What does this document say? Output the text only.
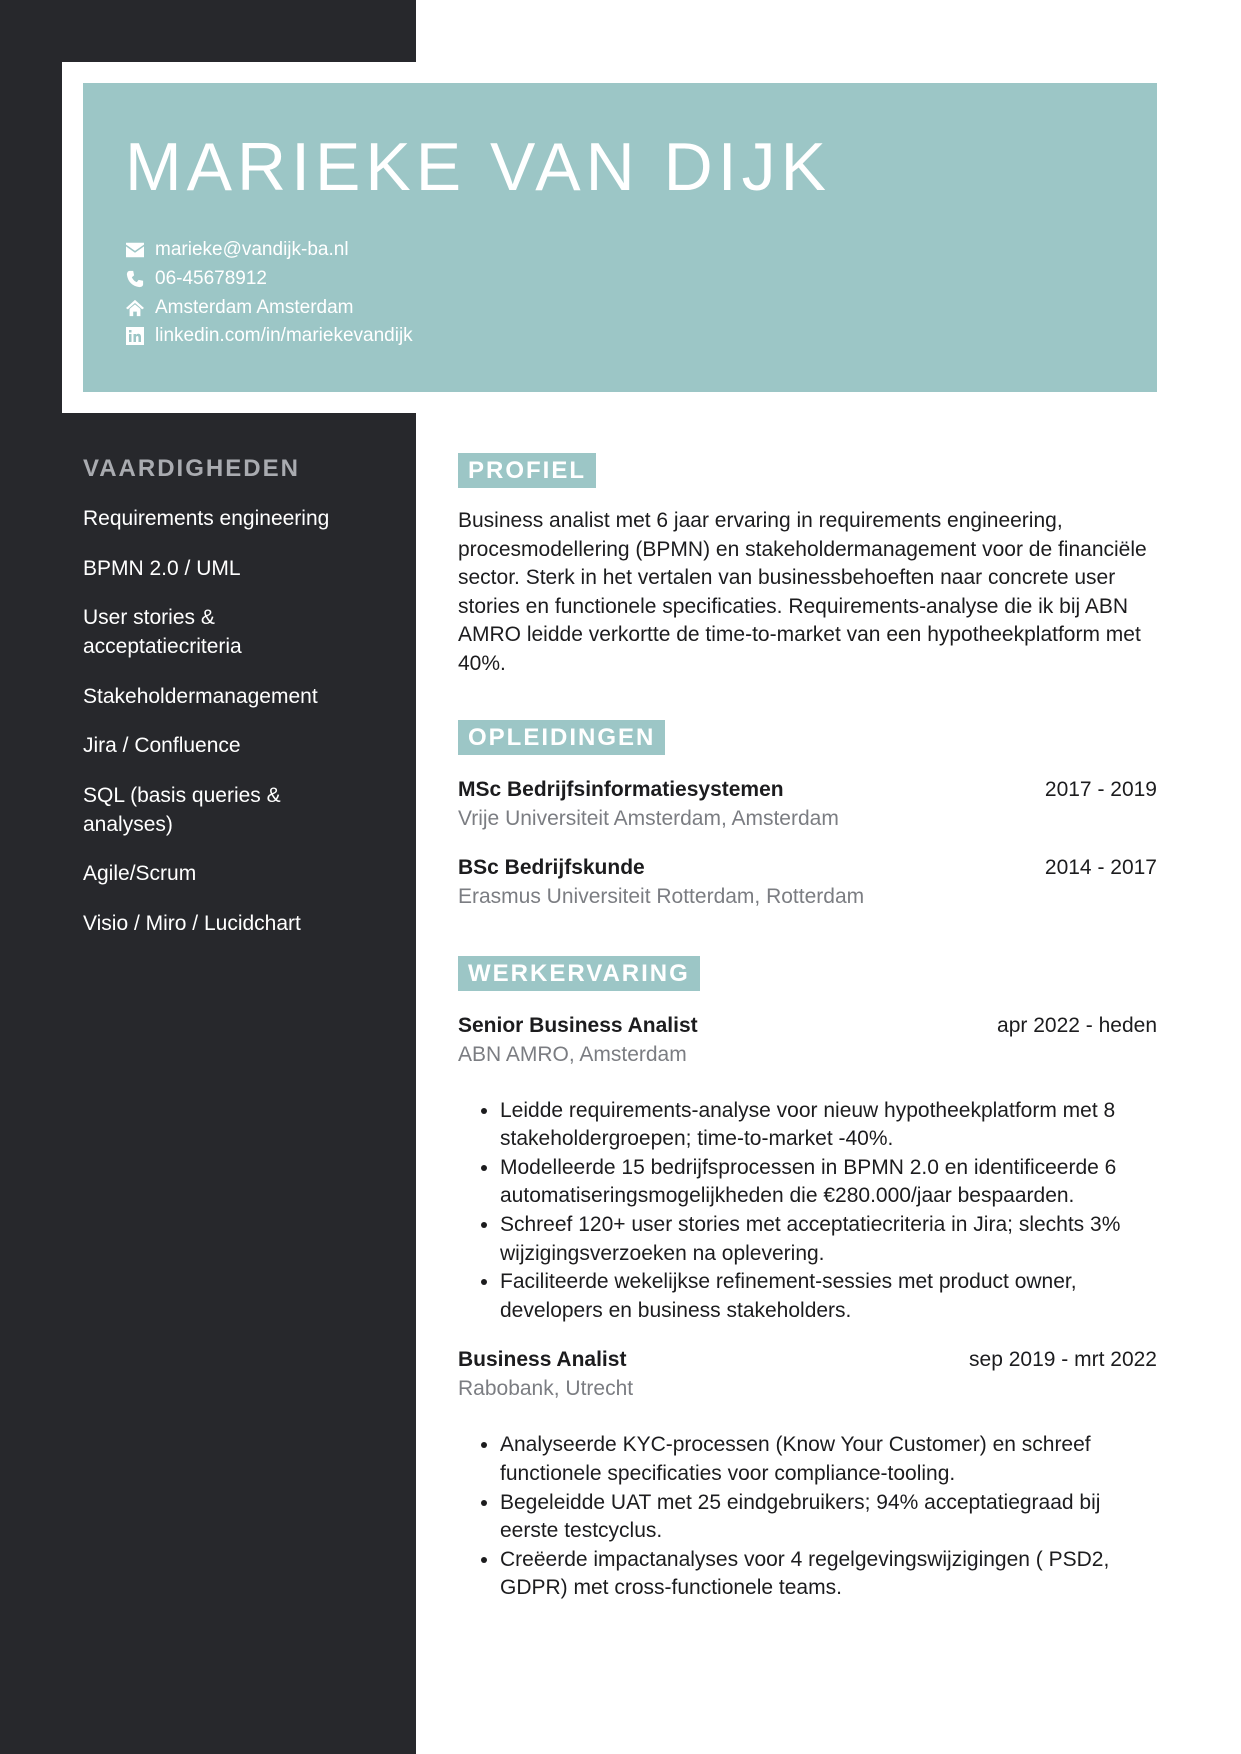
MARIEKE VAN DIJK
marieke@vandijk-ba.nl
06-45678912
Amsterdam Amsterdam
linkedin.com/in/mariekevandijk
VAARDIGHEDEN
Requirements engineering
BPMN 2.0 / UML
User stories & acceptatiecriteria
Stakeholdermanagement
Jira / Confluence
SQL (basis queries & analyses)
Agile/Scrum
Visio / Miro / Lucidchart
PROFIEL

Business analist met 6 jaar ervaring in requirements engineering, procesmodellering (BPMN) en stakeholdermanagement voor de financiële sector. Sterk in het vertalen van businessbehoeften naar concrete user stories en functionele specificaties. Requirements-analyse die ik bij ABN AMRO leidde verkortte de time-to-market van een hypotheekplatform met 40%.

OPLEIDINGEN
MSc Bedrijfsinformatiesystemen	2017 - 2019
Vrije Universiteit Amsterdam, Amsterdam
BSc Bedrijfskunde	2014 - 2017
Erasmus Universiteit Rotterdam, Rotterdam
WERKERVARING
Senior Business Analist	apr 2022 - heden
ABN AMRO, Amsterdam
• Leidde requirements-analyse voor nieuw hypotheekplatform met 8 stakeholdergroepen; time-to-market -40%.
• Modelleerde 15 bedrijfsprocessen in BPMN 2.0 en identificeerde 6 automatiseringsmogelijkheden die €280.000/jaar bespaarden.
• Schreef 120+ user stories met acceptatiecriteria in Jira; slechts 3% wijzigingsverzoeken na oplevering.
• Faciliteerde wekelijkse refinement-sessies met product owner, developers en business stakeholders.
Business Analist	sep 2019 - mrt 2022
Rabobank, Utrecht
• Analyseerde KYC-processen (Know Your Customer) en schreef functionele specificaties voor compliance-tooling.
• Begeleidde UAT met 25 eindgebruikers; 94% acceptatiegraad bij eerste testcyclus.
• Creëerde impactanalyses voor 4 regelgevingswijzigingen ( PSD2, GDPR) met cross-functionele teams.
